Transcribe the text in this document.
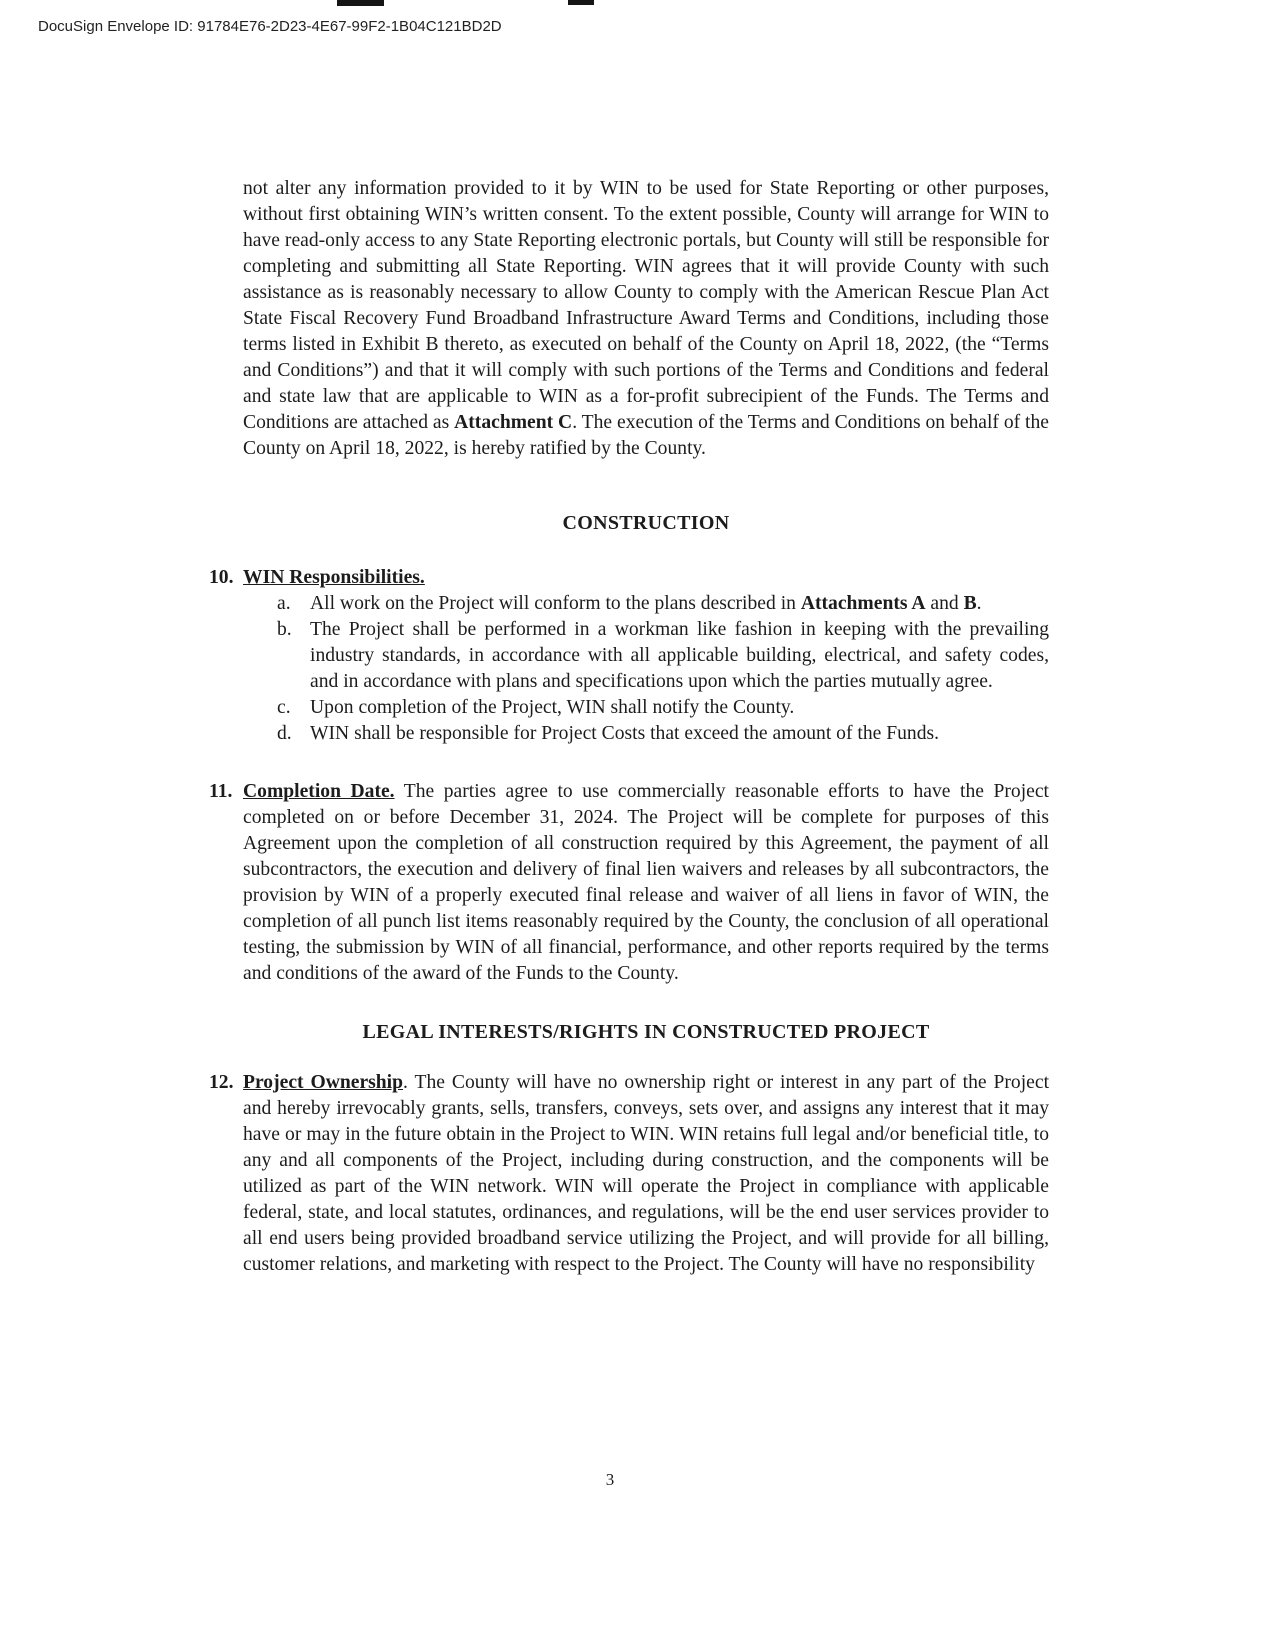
DocuSign Envelope ID: 91784E76-2D23-4E67-99F2-1B04C121BD2D

not alter any information provided to it by WIN to be used for State Reporting or other purposes, without first obtaining WIN’s written consent. To the extent possible, County will arrange for WIN to have read-only access to any State Reporting electronic portals, but County will still be responsible for completing and submitting all State Reporting. WIN agrees that it will provide County with such assistance as is reasonably necessary to allow County to comply with the American Rescue Plan Act State Fiscal Recovery Fund Broadband Infrastructure Award Terms and Conditions, including those terms listed in Exhibit B thereto, as executed on behalf of the County on April 18, 2022, (the “Terms and Conditions”) and that it will comply with such portions of the Terms and Conditions and federal and state law that are applicable to WIN as a for-profit subrecipient of the Funds. The Terms and Conditions are attached as Attachment C. The execution of the Terms and Conditions on behalf of the County on April 18, 2022, is hereby ratified by the County.

CONSTRUCTION
10. WIN Responsibilities.
a. All work on the Project will conform to the plans described in Attachments A and B.
b. The Project shall be performed in a workman like fashion in keeping with the prevailing industry standards, in accordance with all applicable building, electrical, and safety codes, and in accordance with plans and specifications upon which the parties mutually agree.
c. Upon completion of the Project, WIN shall notify the County.
d. WIN shall be responsible for Project Costs that exceed the amount of the Funds.
11. Completion Date. The parties agree to use commercially reasonable efforts to have the Project completed on or before December 31, 2024. The Project will be complete for purposes of this Agreement upon the completion of all construction required by this Agreement, the payment of all subcontractors, the execution and delivery of final lien waivers and releases by all subcontractors, the provision by WIN of a properly executed final release and waiver of all liens in favor of WIN, the completion of all punch list items reasonably required by the County, the conclusion of all operational testing, the submission by WIN of all financial, performance, and other reports required by the terms and conditions of the award of the Funds to the County.
LEGAL INTERESTS/RIGHTS IN CONSTRUCTED PROJECT
12. Project Ownership. The County will have no ownership right or interest in any part of the Project and hereby irrevocably grants, sells, transfers, conveys, sets over, and assigns any interest that it may have or may in the future obtain in the Project to WIN. WIN retains full legal and/or beneficial title, to any and all components of the Project, including during construction, and the components will be utilized as part of the WIN network. WIN will operate the Project in compliance with applicable federal, state, and local statutes, ordinances, and regulations, will be the end user services provider to all end users being provided broadband service utilizing the Project, and will provide for all billing, customer relations, and marketing with respect to the Project. The County will have no responsibility
3
